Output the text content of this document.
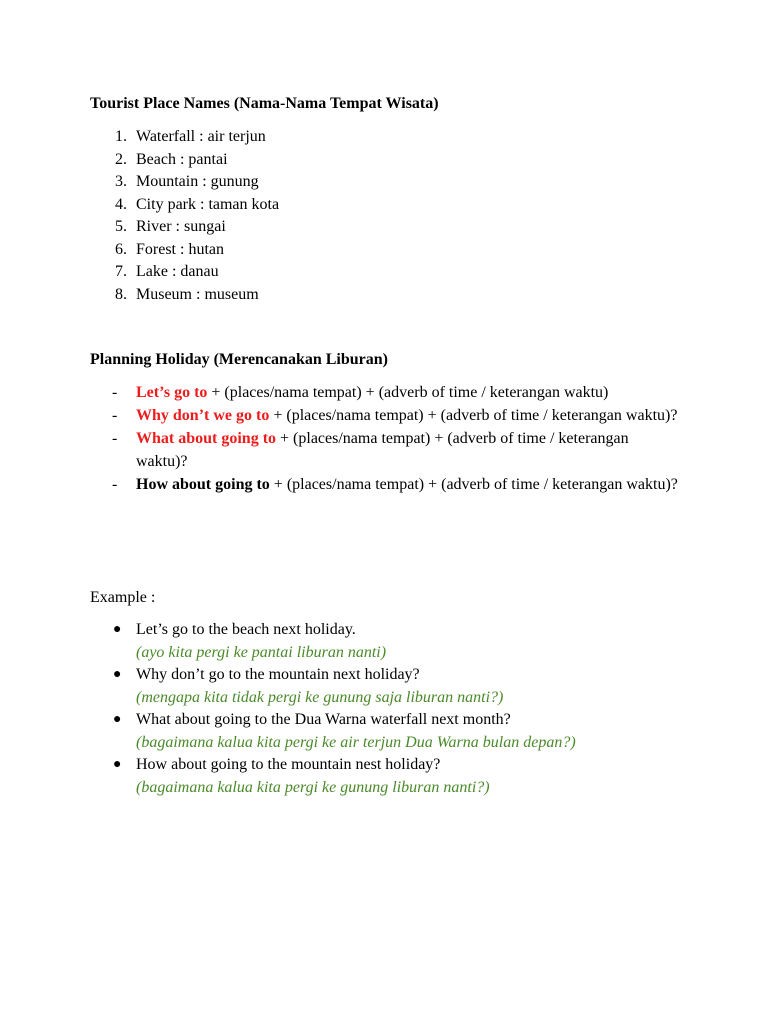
Tourist Place Names (Nama-Nama Tempat Wisata)
1. Waterfall : air terjun
2. Beach : pantai
3. Mountain : gunung
4. City park : taman kota
5. River : sungai
6. Forest : hutan
7. Lake : danau
8. Museum : museum
Planning Holiday (Merencanakan Liburan)
- Let’s go to + (places/nama tempat) + (adverb of time / keterangan waktu)
- Why don’t we go to + (places/nama tempat) + (adverb of time / keterangan waktu)?
- What about going to + (places/nama tempat) + (adverb of time / keterangan waktu)?
- How about going to + (places/nama tempat) + (adverb of time / keterangan waktu)?

Example :

● Let’s go to the beach next holiday.
(ayo kita pergi ke pantai liburan nanti)
● Why don’t go to the mountain next holiday?
(mengapa kita tidak pergi ke gunung saja liburan nanti?)
● What about going to the Dua Warna waterfall next month?
(bagaimana kalua kita pergi ke air terjun Dua Warna bulan depan?)
● How about going to the mountain nest holiday?
(bagaimana kalua kita pergi ke gunung liburan nanti?)
